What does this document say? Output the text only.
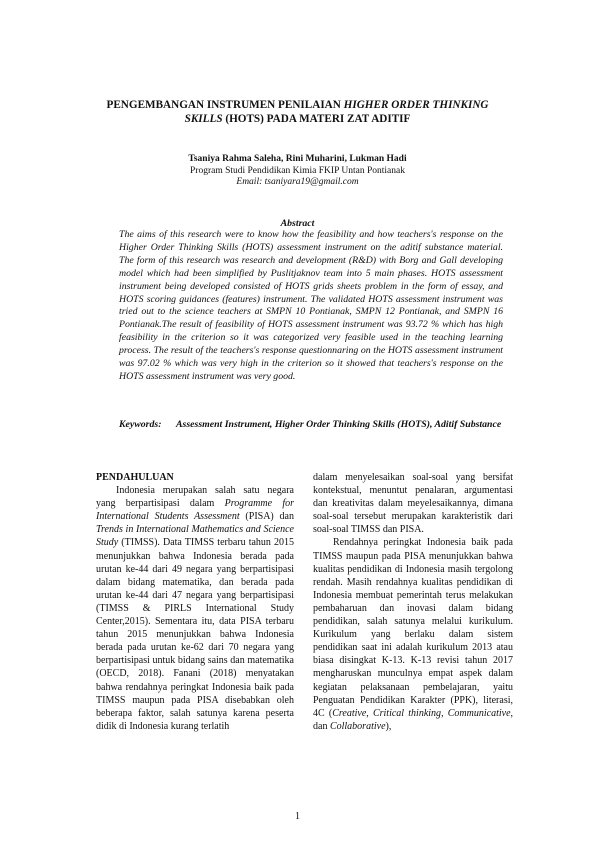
PENGEMBANGAN INSTRUMEN PENILAIAN HIGHER ORDER THINKING
SKILLS (HOTS) PADA MATERI ZAT ADITIF
Tsaniya Rahma Saleha, Rini Muharini, Lukman Hadi
Program Studi Pendidikan Kimia FKIP Untan Pontianak
Email: tsaniyara19@gmail.com
Abstract
The aims of this research were to know how the feasibility and how teachers's response on the Higher Order Thinking Skills (HOTS) assessment instrument on the aditif substance material. The form of this research was research and development (R&D) with Borg and Gall developing model which had been simplified by Puslitjaknov team into 5 main phases. HOTS assessment instrument being developed consisted of HOTS grids sheets problem in the form of essay, and HOTS scoring guidances (features) instrument. The validated HOTS assessment instrument was tried out to the science teachers at SMPN 10 Pontianak, SMPN 12 Pontianak, and SMPN 16 Pontianak.The result of feasibility of HOTS assessment instrument was 93.72 % which has high feasibility in the criterion so it was categorized very feasible used in the teaching learning process. The result of the teachers's response questionnaring on the HOTS assessment instrument was 97.02 % which was very high in the criterion so it showed that teachers's response on the HOTS assessment instrument was very good.
Keywords:	Assessment Instrument, Higher Order Thinking Skills (HOTS), Aditif Substance

PENDAHULUAN

Indonesia merupakan salah satu negara yang berpartisipasi dalam Programme for International Students Assessment (PISA) dan Trends in International Mathematics and Science Study (TIMSS). Data TIMSS terbaru tahun 2015 menunjukkan bahwa Indonesia berada pada urutan ke-44 dari 49 negara yang berpartisipasi dalam bidang matematika, dan berada pada urutan ke-44 dari 47 negara yang berpartisipasi (TIMSS & PIRLS International Study Center,2015). Sementara itu, data PISA terbaru tahun 2015 menunjukkan bahwa Indonesia berada pada urutan ke-62 dari 70 negara yang berpartisipasi untuk bidang sains dan matematika (OECD, 2018). Fanani (2018) menyatakan bahwa rendahnya peringkat Indonesia baik pada TIMSS maupun pada PISA disebabkan oleh beberapa faktor, salah satunya karena peserta didik di Indonesia kurang terlatih

dalam menyelesaikan soal-soal yang bersifat kontekstual, menuntut penalaran, argumentasi dan kreativitas dalam meyelesaikannya, dimana soal-soal tersebut merupakan karakteristik dari soal-soal TIMSS dan PISA.

Rendahnya peringkat Indonesia baik pada TIMSS maupun pada PISA menunjukkan bahwa kualitas pendidikan di Indonesia masih tergolong rendah. Masih rendahnya kualitas pendidikan di Indonesia membuat pemerintah terus melakukan pembaharuan dan inovasi dalam bidang pendidikan, salah satunya melalui kurikulum. Kurikulum yang berlaku dalam sistem pendidikan saat ini adalah kurikulum 2013 atau biasa disingkat K-13. K-13 revisi tahun 2017 mengharuskan munculnya empat aspek dalam kegiatan pelaksanaan pembelajaran, yaitu Penguatan Pendidikan Karakter (PPK), literasi, 4C (Creative, Critical thinking, Communicative, dan Collaborative),

1
